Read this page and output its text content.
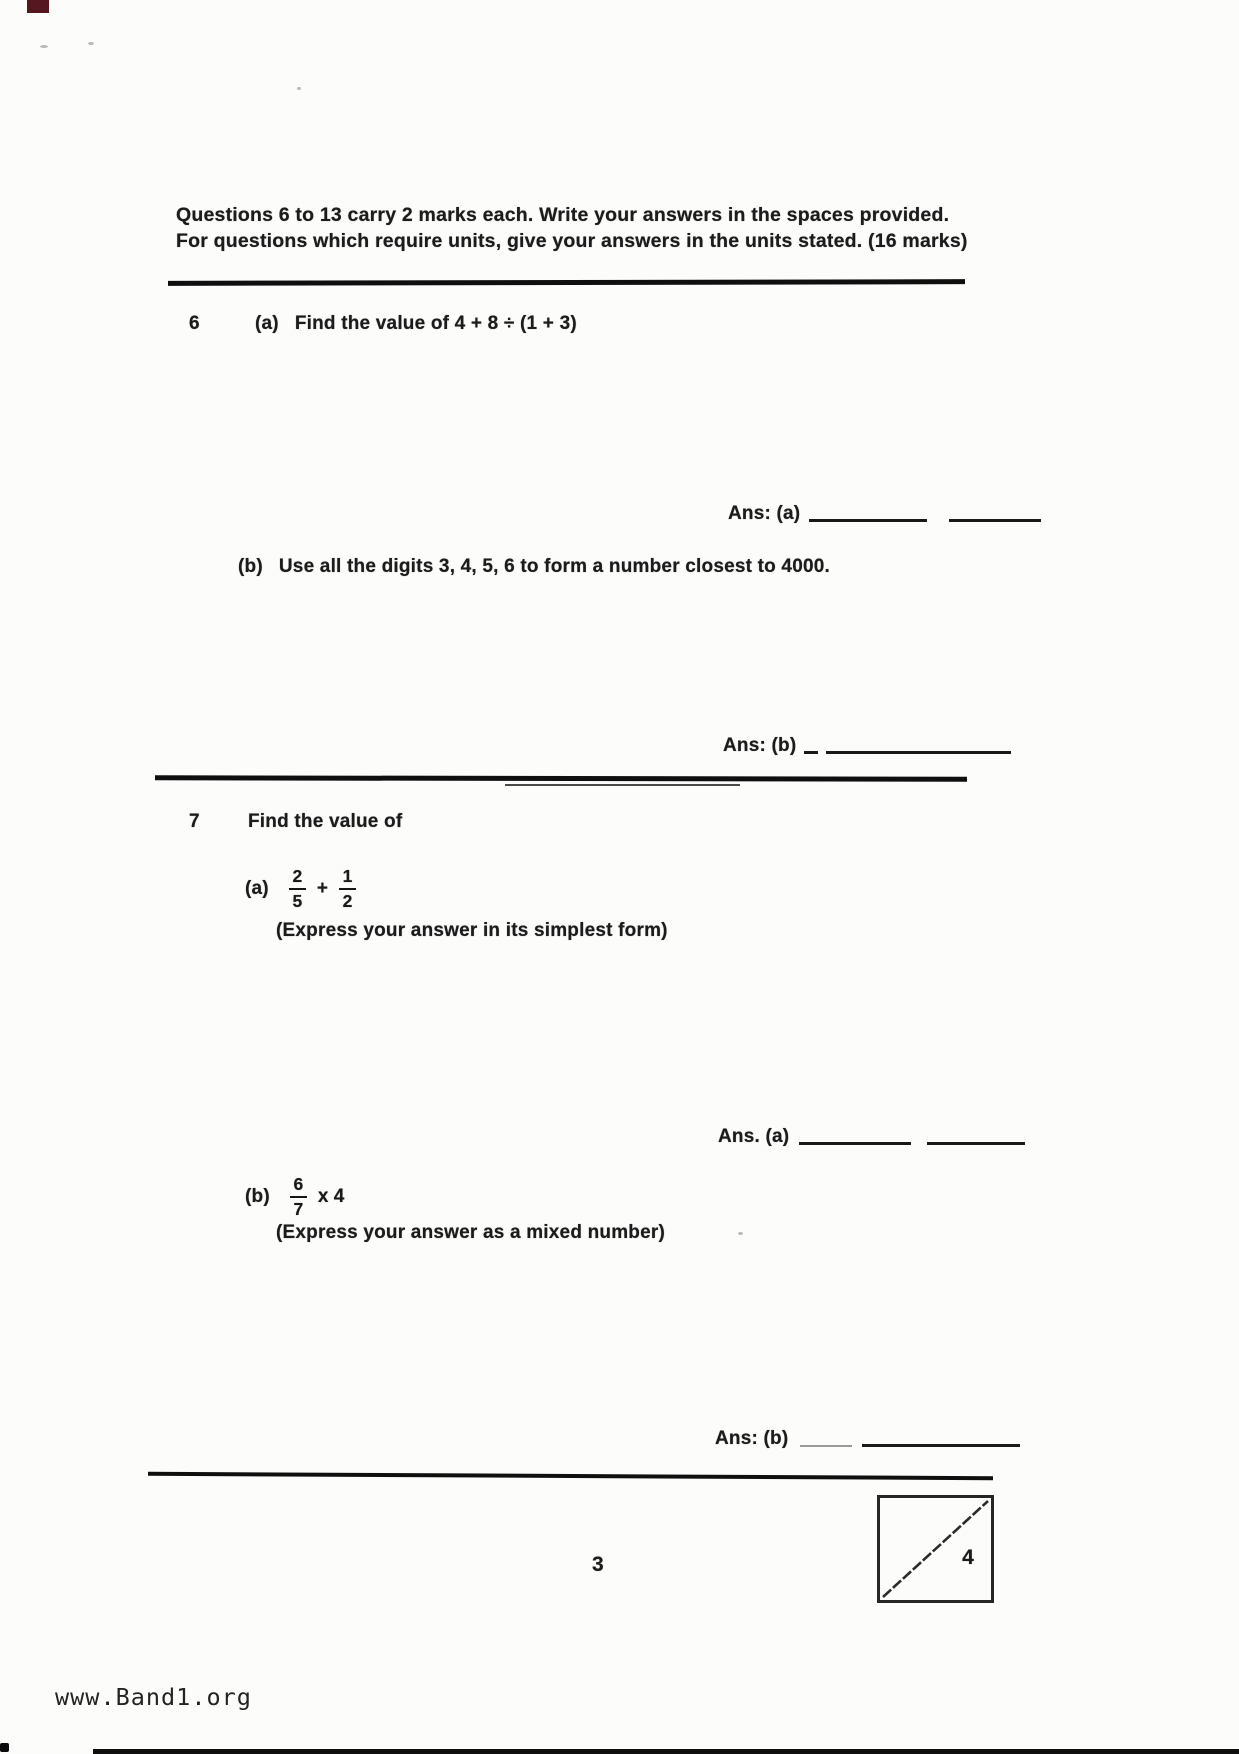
Questions 6 to 13 carry 2 marks each. Write your answers in the spaces provided.
For questions which require units, give your answers in the units stated. (16 marks)
6	(a) Find the value of 4 + 8 ÷ (1 + 3)
Ans: (a)
(b) Use all the digits 3, 4, 5, 6 to form a number closest to 4000.
Ans: (b)
7	Find the value of
$(a) \frac{2}{5} + \frac{1}{2}$
(Express your answer in its simplest form)
Ans. (a)
$(b) \frac{6}{7}$ x 4
(Express your answer as a mixed number)
Ans: (b)
4
3
www.Band1.org
